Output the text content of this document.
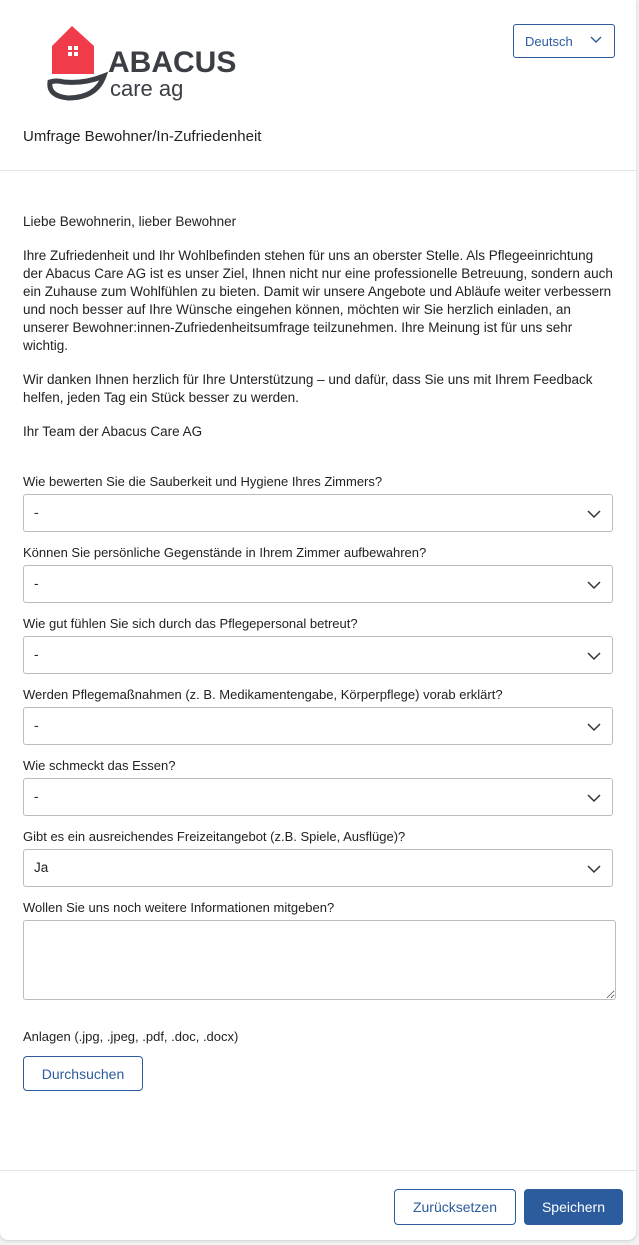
ABACUS
care ag
Deutsch
Umfrage Bewohner/In-Zufriedenheit

Liebe Bewohnerin, lieber Bewohner

Ihre Zufriedenheit und Ihr Wohlbefinden stehen für uns an oberster Stelle. Als Pflegeeinrichtung der Abacus Care AG ist es unser Ziel, Ihnen nicht nur eine professionelle Betreuung, sondern auch ein Zuhause zum Wohlfühlen zu bieten. Damit wir unsere Angebote und Abläufe weiter verbessern und noch besser auf Ihre Wünsche eingehen können, möchten wir Sie herzlich einladen, an unserer Bewohner:innen-Zufriedenheitsumfrage teilzunehmen. Ihre Meinung ist für uns sehr wichtig.

Wir danken Ihnen herzlich für Ihre Unterstützung – und dafür, dass Sie uns mit Ihrem Feedback helfen, jeden Tag ein Stück besser zu werden.

Ihr Team der Abacus Care AG

Wie bewerten Sie die Sauberkeit und Hygiene Ihres Zimmers?
-
Können Sie persönliche Gegenstände in Ihrem Zimmer aufbewahren?
-
Wie gut fühlen Sie sich durch das Pflegepersonal betreut?
-
Werden Pflegemaßnahmen (z. B. Medikamentengabe, Körperpflege) vorab erklärt?
-
Wie schmeckt das Essen?
-
Gibt es ein ausreichendes Freizeitangebot (z.B. Spiele, Ausflüge)?
Ja
Wollen Sie uns noch weitere Informationen mitgeben?
Anlagen (.jpg, .jpeg, .pdf, .doc, .docx)
Durchsuchen
Zurücksetzen	Speichern
